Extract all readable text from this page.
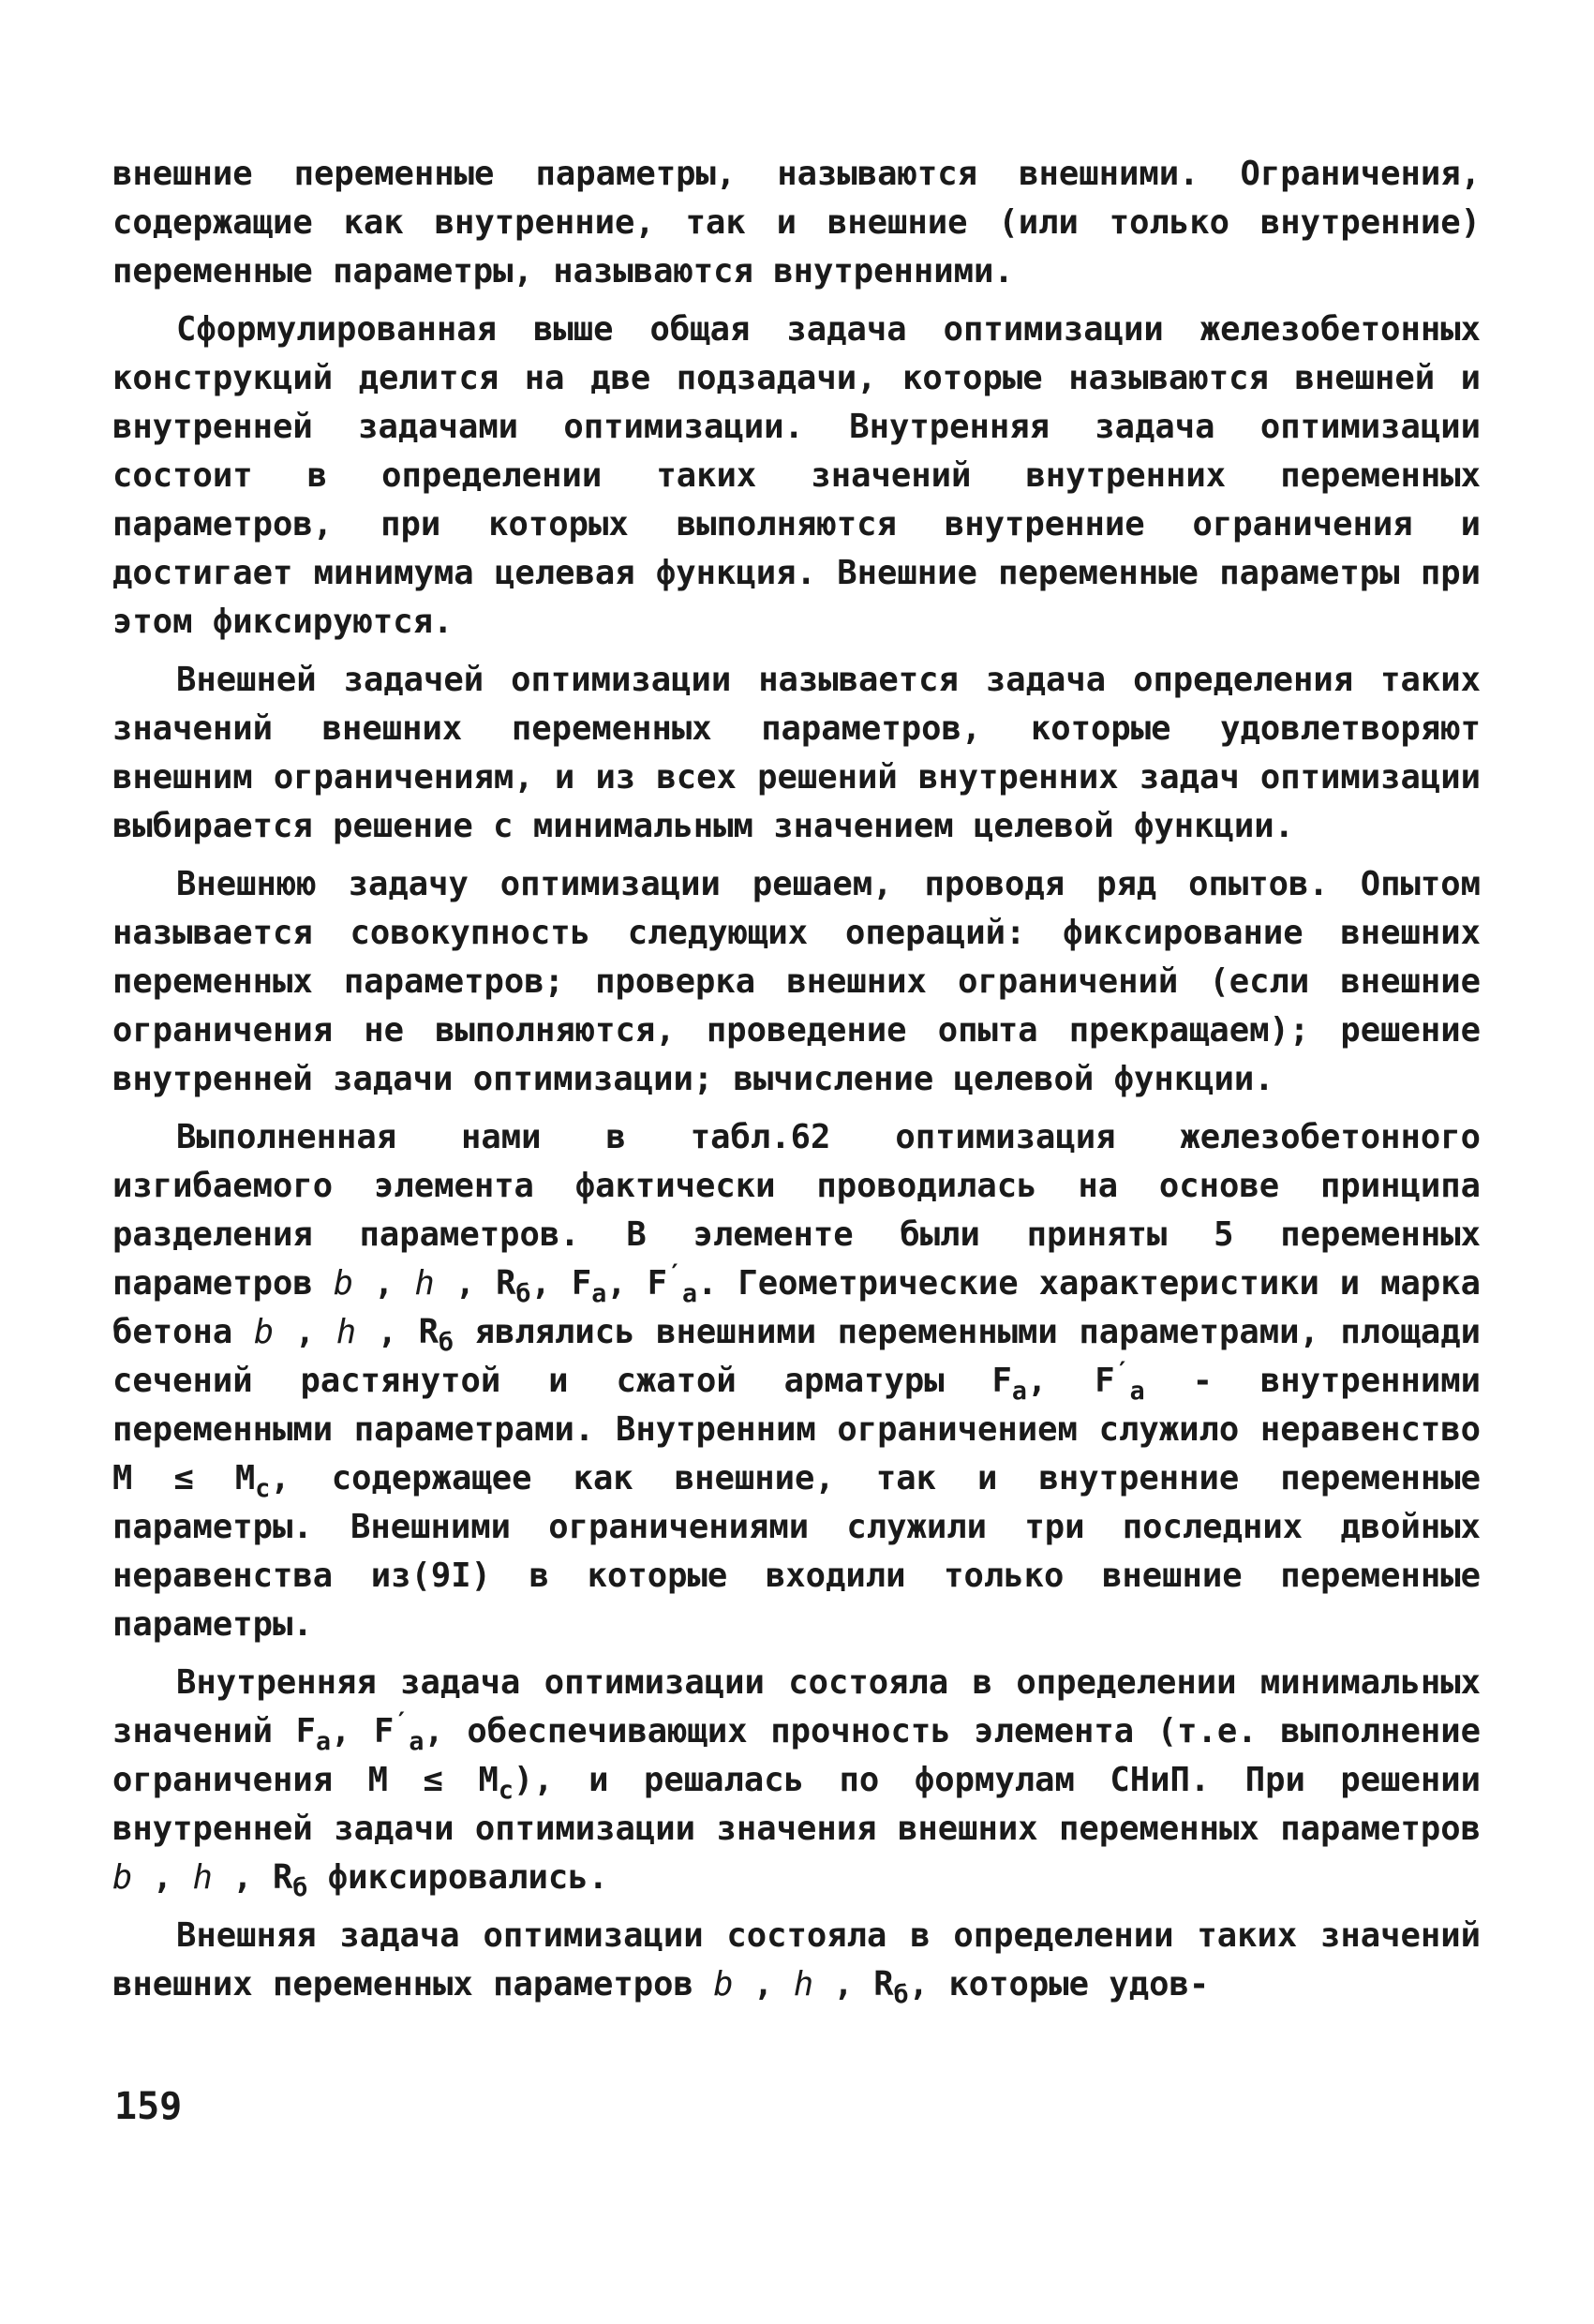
внешние переменные параметры, называются внешними. Ограничения, содержащие как внутренние, так и внешние (или только внутренние) переменные параметры, называются внутренними.

Сформулированная выше общая задача оптимизации железобетонных конструкций делится на две подзадачи, которые называются внешней и внутренней задачами оптимизации. Внутренняя задача оптимизации состоит в определении таких значений внутренних переменных параметров, при которых выполняются внутренние ограничения и достигает минимума целевая функция. Внешние переменные параметры при этом фиксируются.

Внешней задачей оптимизации называется задача определения таких значений внешних переменных параметров, которые удовлетворяют внешним ограничениям, и из всех решений внутренних задач оптимизации выбирается решение с минимальным значением целевой функции.

Внешнюю задачу оптимизации решаем, проводя ряд опытов. Опытом называется совокупность следующих операций: фиксирование внешних переменных параметров; проверка внешних ограничений (если внешние ограничения не выполняются, проведение опыта прекращаем); решение внутренней задачи оптимизации; вычисление целевой функции.

Выполненная нами в табл.62 оптимизация железобетонного изгибаемого элемента фактически проводилась на основе принципа разделения параметров. В элементе были приняты 5 переменных параметров b , h , $R_б$, $F_а$, $F'_а$. Геометрические характеристики и марка бетона b , h , $R_б$ являлись внешними переменными параметрами, площади сечений растянутой и сжатой арматуры $F_а$, $F'_а$ - внутренними переменными параметрами. Внутренним ограничением служило неравенство $M \le M_с$, содержащее как внешние, так и внутренние переменные параметры. Внешними ограничениями служили три последних двойных неравенства из(9I) в которые входили только внешние переменные параметры.

Внутренняя задача оптимизации состояла в определении минимальных значений $F_а$, $F'_а$, обеспечивающих прочность элемента (т.е. выполнение ограничения $M \le M_с$), и решалась по формулам СНиП. При решении внутренней задачи оптимизации значения внешних переменных параметров b , h , $R_б$ фиксировались.

Внешняя задача оптимизации состояла в определении таких значений внешних переменных параметров b , h , $R_б$, которые удов-

159
